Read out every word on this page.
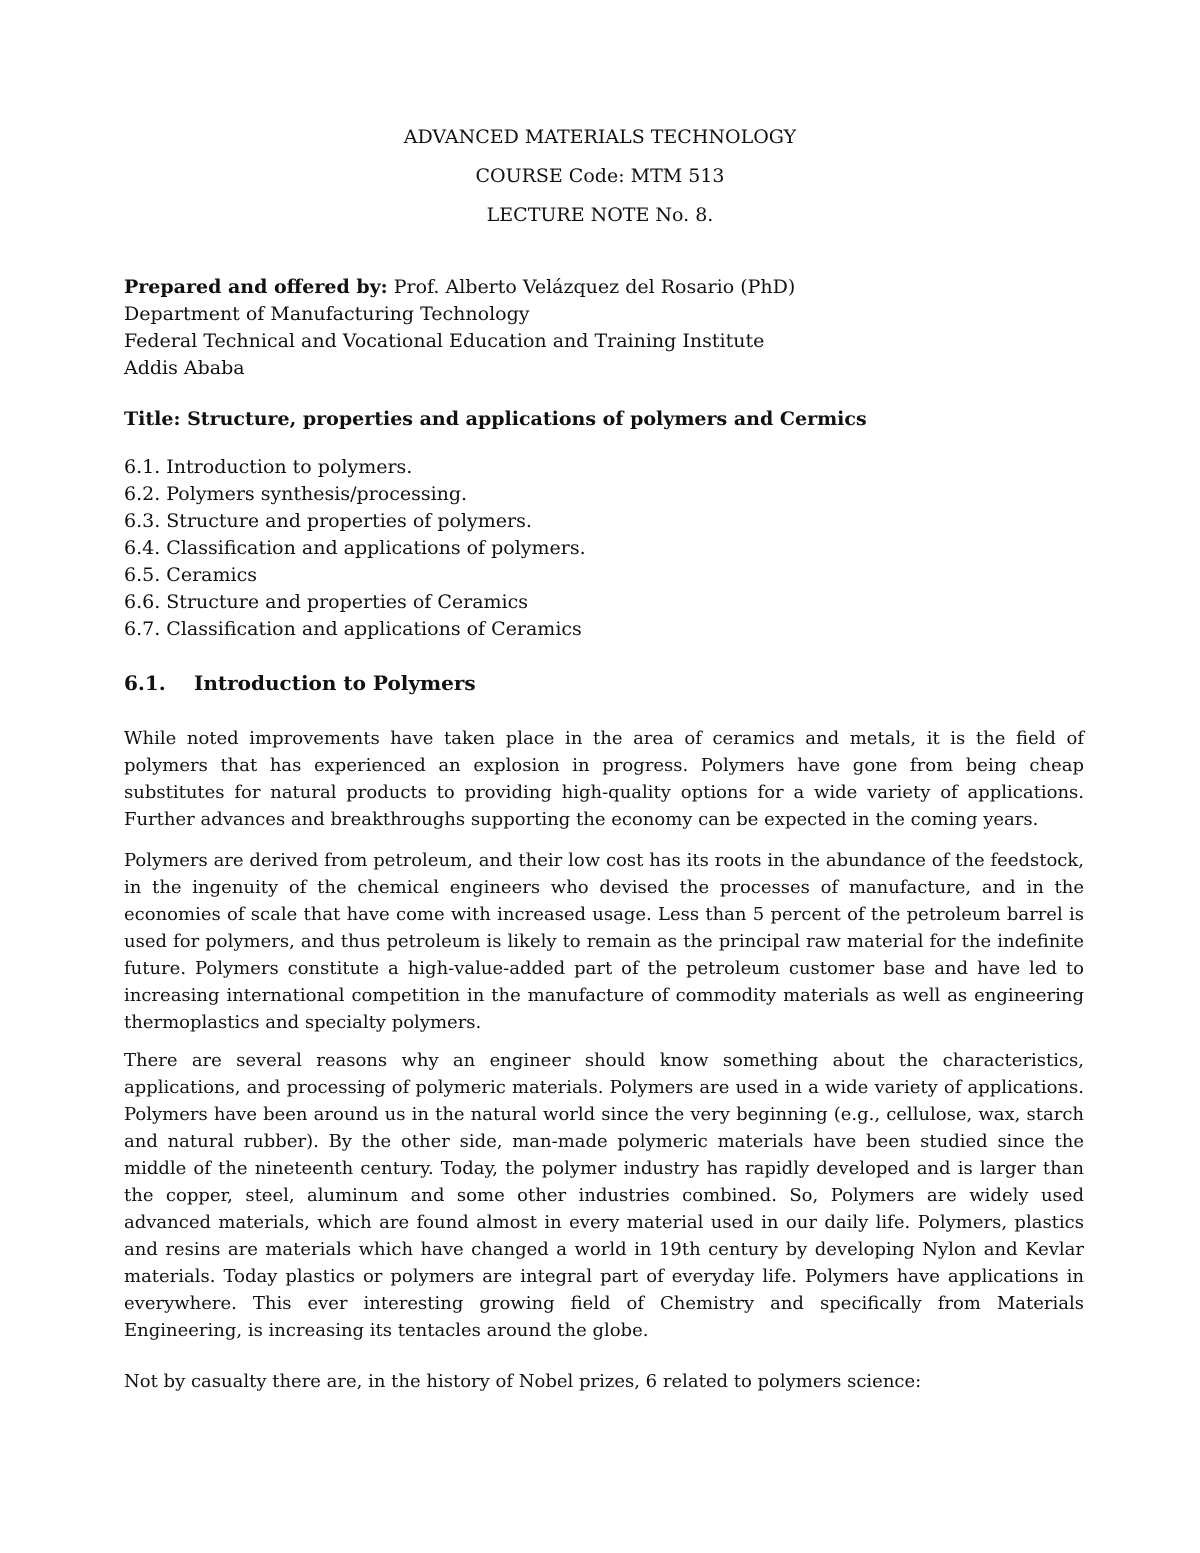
ADVANCED MATERIALS TECHNOLOGY
COURSE Code: MTM 513
LECTURE NOTE No. 8.
Prepared and offered by: Prof. Alberto Velázquez del Rosario (PhD)
Department of Manufacturing Technology
Federal Technical and Vocational Education and Training Institute
Addis Ababa
Title: Structure, properties and applications of polymers and Cermics
6.1. Introduction to polymers.
6.2. Polymers synthesis/processing.
6.3. Structure and properties of polymers.
6.4. Classification and applications of polymers.
6.5. Ceramics
6.6. Structure and properties of Ceramics
6.7. Classification and applications of Ceramics
6.1. Introduction to Polymers

While noted improvements have taken place in the area of ceramics and metals, it is the field of polymers that has experienced an explosion in progress. Polymers have gone from being cheap substitutes for natural products to providing high-quality options for a wide variety of applications. Further advances and breakthroughs supporting the economy can be expected in the coming years.

Polymers are derived from petroleum, and their low cost has its roots in the abundance of the feedstock, in the ingenuity of the chemical engineers who devised the processes of manufacture, and in the economies of scale that have come with increased usage. Less than 5 percent of the petroleum barrel is used for polymers, and thus petroleum is likely to remain as the principal raw material for the indefinite future. Polymers constitute a high-value-added part of the petroleum customer base and have led to increasing international competition in the manufacture of commodity materials as well as engineering thermoplastics and specialty polymers.

There are several reasons why an engineer should know something about the characteristics, applications, and processing of polymeric materials. Polymers are used in a wide variety of applications. Polymers have been around us in the natural world since the very beginning (e.g., cellulose, wax, starch and natural rubber). By the other side, man-made polymeric materials have been studied since the middle of the nineteenth century. Today, the polymer industry has rapidly developed and is larger than the copper, steel, aluminum and some other industries combined. So, Polymers are widely used advanced materials, which are found almost in every material used in our daily life. Polymers, plastics and resins are materials which have changed a world in 19th century by developing Nylon and Kevlar materials. Today plastics or polymers are integral part of everyday life. Polymers have applications in everywhere. This ever interesting growing field of Chemistry and specifically from Materials Engineering, is increasing its tentacles around the globe.

Not by casualty there are, in the history of Nobel prizes, 6 related to polymers science:
